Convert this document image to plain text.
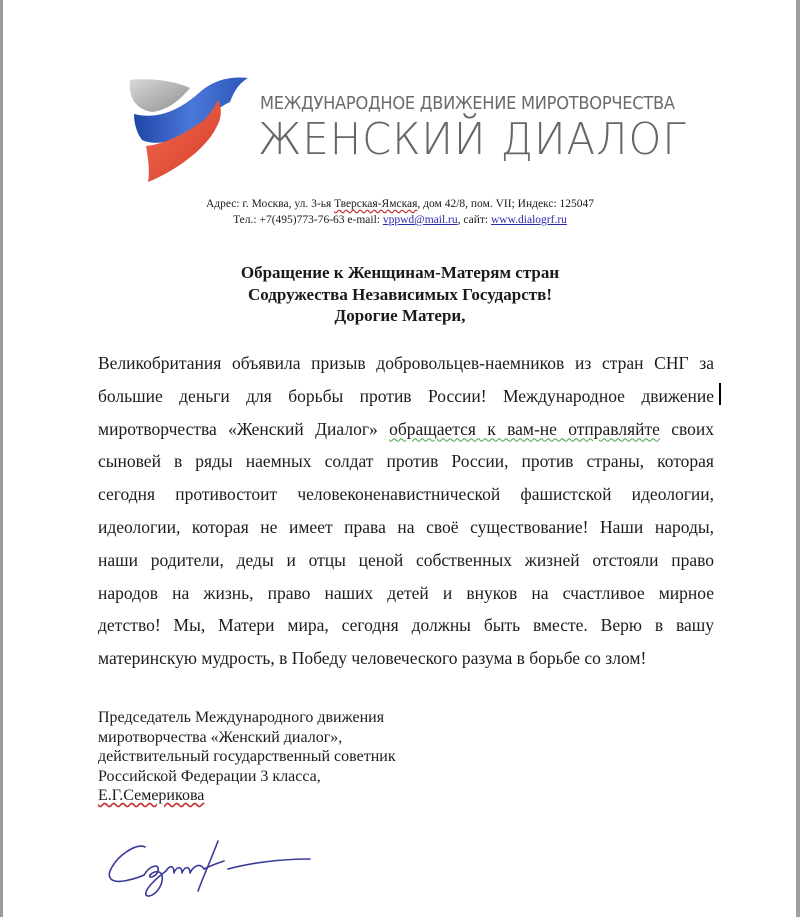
МЕЖДУНАРОДНОЕ ДВИЖЕНИЕ МИРОТВОРЧЕСТВА
ЖЕНСКИЙ ДИАЛОГ
Адрес: г. Москва, ул. 3-ья Тверская-Ямская, дом 42/8, пом. VII; Индекс: 125047
Тел.: +7(495)773-76-63 e-mail: vppwd@mail.ru, сайт: www.dialogrf.ru
Обращение к Женщинам-Матерям стран
Содружества Независимых Государств!
Дорогие Матери,
Великобритания объявила призыв добровольцев-наемников из стран СНГ за
большие деньги для борьбы против России! Международное движение
миротворчества «Женский Диалог» обращается к вам-не отправляйте своих
сыновей в ряды наемных солдат против России, против страны, которая
сегодня противостоит человеконенавистнической фашистской идеологии,
идеологии, которая не имеет права на своё существование! Наши народы,
наши родители, деды и отцы ценой собственных жизней отстояли право
народов на жизнь, право наших детей и внуков на счастливое мирное
детство! Мы, Матери мира, сегодня должны быть вместе. Верю в вашу
материнскую мудрость, в Победу человеческого разума в борьбе со злом!
Председатель Международного движения
миротворчества «Женский диалог»,
действительный государственный советник
Российской Федерации 3 класса,
Е.Г.Семерикова
